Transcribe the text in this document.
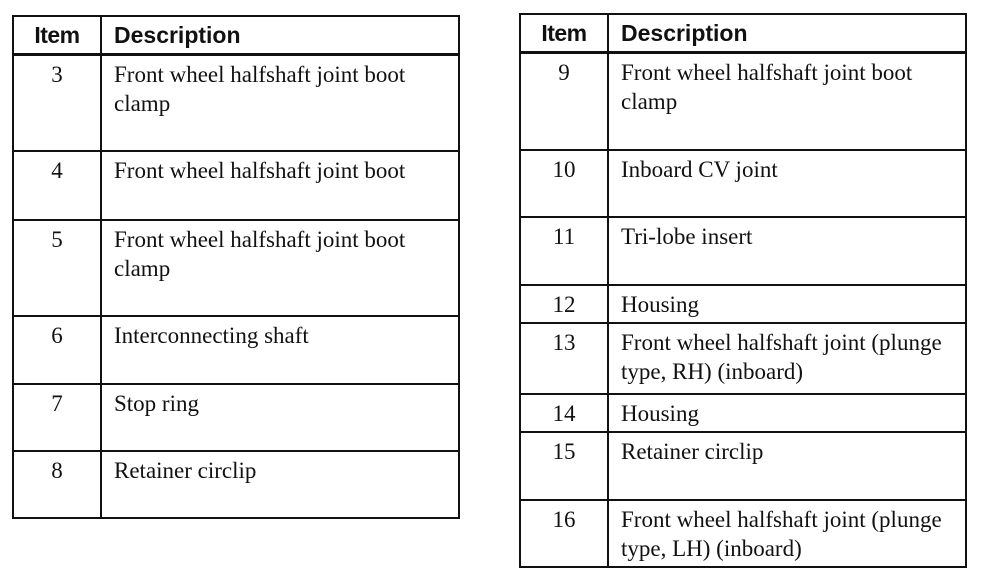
Item	Description
3	Front wheel halfshaft joint boot clamp
4	Front wheel halfshaft joint boot
5	Front wheel halfshaft joint boot clamp
6	Interconnecting shaft
7	Stop ring
8	Retainer circlip
Item	Description
9	Front wheel halfshaft joint boot clamp
10	Inboard CV joint
11	Tri-lobe insert
12	Housing
13	Front wheel halfshaft joint (plunge type, RH) (inboard)
14	Housing
15	Retainer circlip
16	Front wheel halfshaft joint (plunge type, LH) (inboard)
